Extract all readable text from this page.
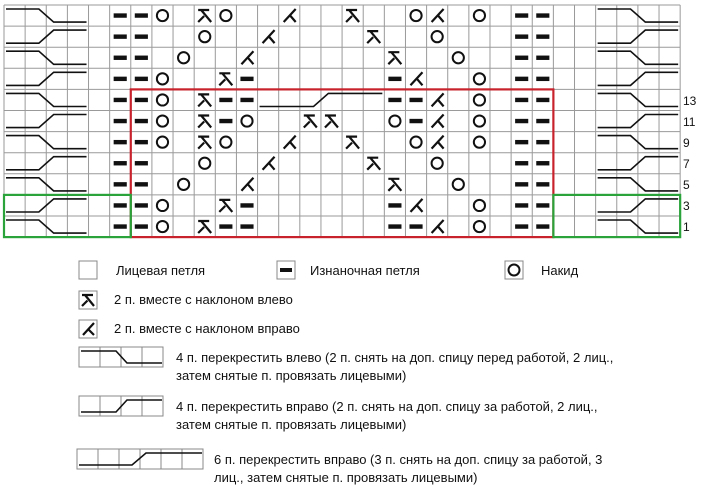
13
11
9
7
5
3
1
Лицевая петля	Изнаночная петля	Накид
2 п. вместе с наклоном влево
2 п. вместе с наклоном вправо
4 п. перекрестить влево (2 п. снять на доп. спицу перед работой, 2 лиц., затем снятые п. провязать лицевыми)
4 п. перекрестить вправо (2 п. снять на доп. спицу за работой, 2 лиц., затем снятые п. провязать лицевыми)
6 п. перекрестить вправо (3 п. снять на доп. спицу за работой, 3 лиц., затем снятые п. провязать лицевыми)
